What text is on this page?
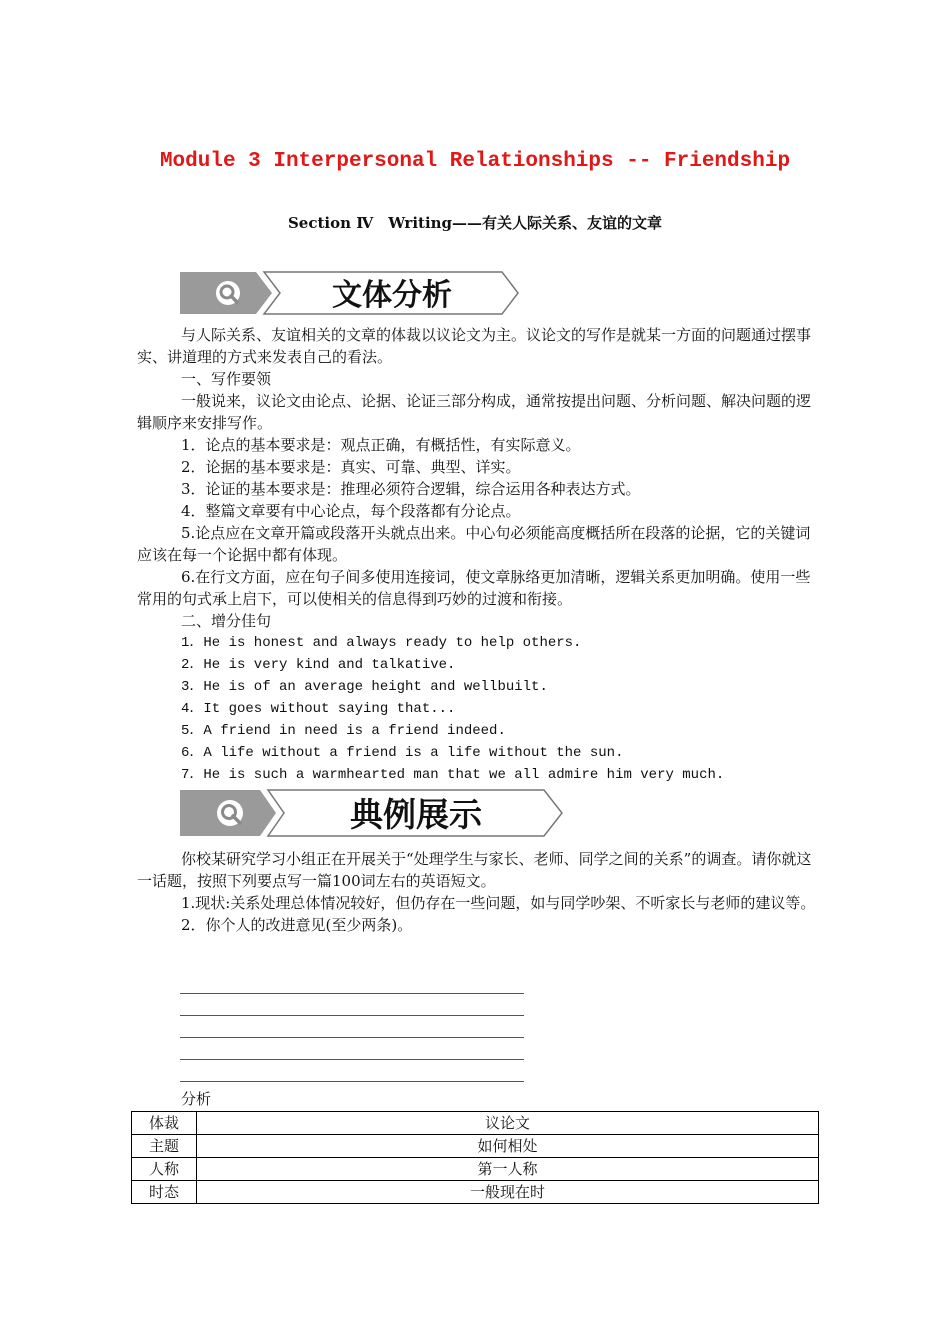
Module 3 Interpersonal Relationships -- Friendship
Section Ⅳ　Writing——有关人际关系、友谊的文章
文体分析

与人际关系、友谊相关的文章的体裁以议论文为主。议论文的写作是就某一方面的问题通过摆事实、讲道理的方式来发表自己的看法。

一、写作要领

一般说来，议论文由论点、论据、论证三部分构成，通常按提出问题、分析问题、解决问题的逻辑顺序来安排写作。

1．论点的基本要求是：观点正确，有概括性，有实际意义。

2．论据的基本要求是：真实、可靠、典型、详实。

3．论证的基本要求是：推理必须符合逻辑，综合运用各种表达方式。

4．整篇文章要有中心论点，每个段落都有分论点。

5.论点应在文章开篇或段落开头就点出来。中心句必须能高度概括所在段落的论据，它的关键词应该在每一个论据中都有体现。

6.在行文方面，应在句子间多使用连接词，使文章脉络更加清晰，逻辑关系更加明确。使用一些常用的句式承上启下，可以使相关的信息得到巧妙的过渡和衔接。

二、增分佳句

1．He is honest and always ready to help others.

2．He is very kind and talkative.

3．He is of an average height and wellbuilt.

4．It goes without saying that...

5．A friend in need is a friend indeed.

6．A life without a friend is a life without the sun.

7．He is such a warmhearted man that we all admire him very much.

典例展示

你校某研究学习小组正在开展关于“处理学生与家长、老师、同学之间的关系”的调查。请你就这一话题，按照下列要点写一篇100词左右的英语短文。

1.现状:关系处理总体情况较好，但仍存在一些问题，如与同学吵架、不听家长与老师的建议等。

2．你个人的改进意见(至少两条)。

分析
体裁	议论文
主题	如何相处
人称	第一人称
时态	一般现在时
